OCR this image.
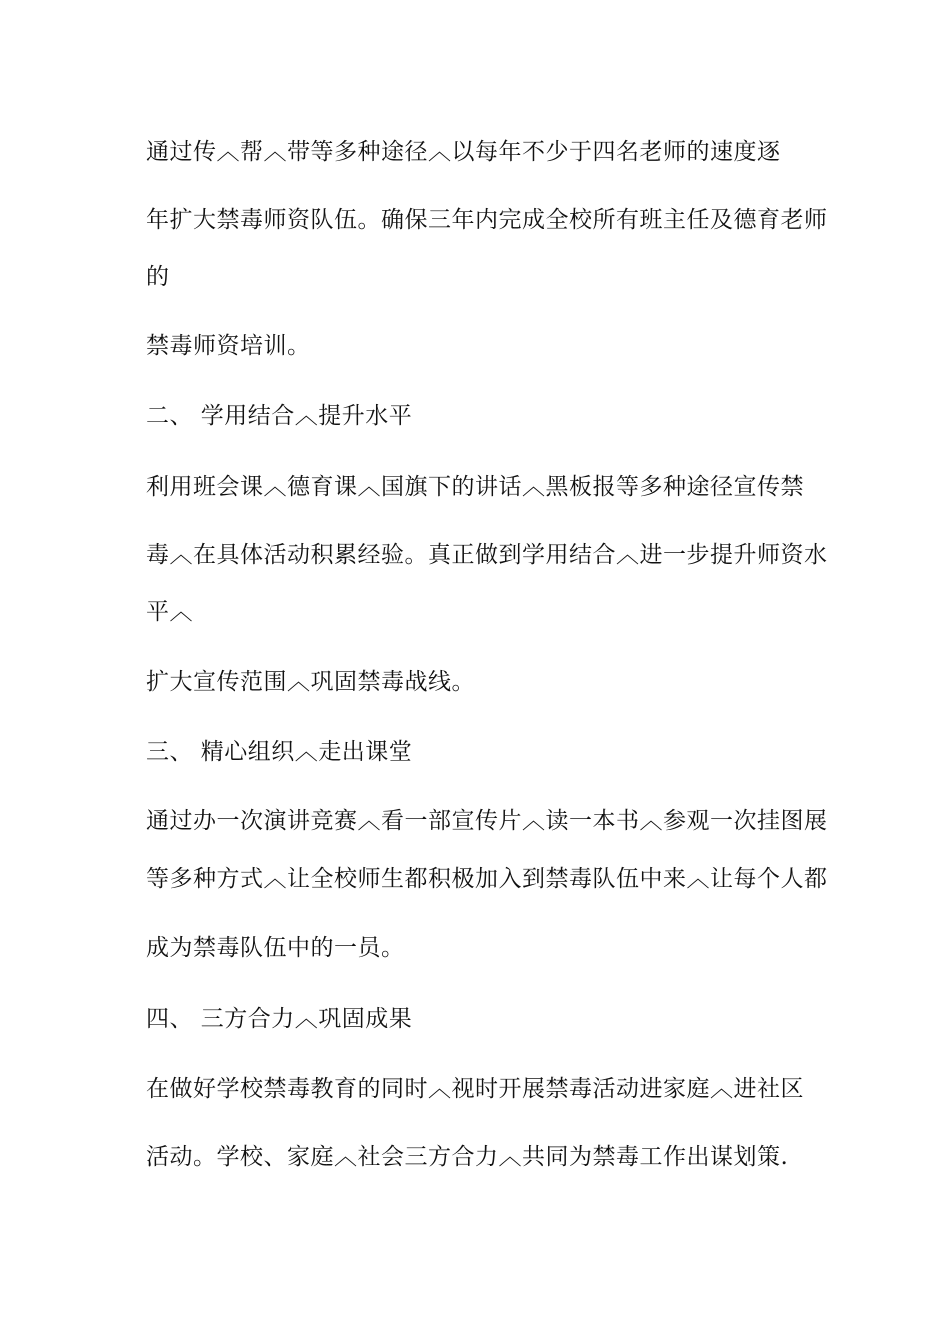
通过传︿帮︿带等多种途径︿以每年不少于四名老师的速度逐
年扩大禁毒师资队伍。确保三年内完成全校所有班主任及德育老师
的
禁毒师资培训。
二、 学用结合︿提升水平
利用班会课︿德育课︿国旗下的讲话︿黑板报等多种途径宣传禁
毒︿在具体活动积累经验。真正做到学用结合︿进一步提升师资水
平︿
扩大宣传范围︿巩固禁毒战线。
三、 精心组织︿走出课堂
通过办一次演讲竞赛︿看一部宣传片︿读一本书︿参观一次挂图展
等多种方式︿让全校师生都积极加入到禁毒队伍中来︿让每个人都
成为禁毒队伍中的一员。
四、 三方合力︿巩固成果
在做好学校禁毒教育的同时︿视时开展禁毒活动进家庭︿进社区
活动。学校、家庭︿社会三方合力︿共同为禁毒工作出谋划策.
